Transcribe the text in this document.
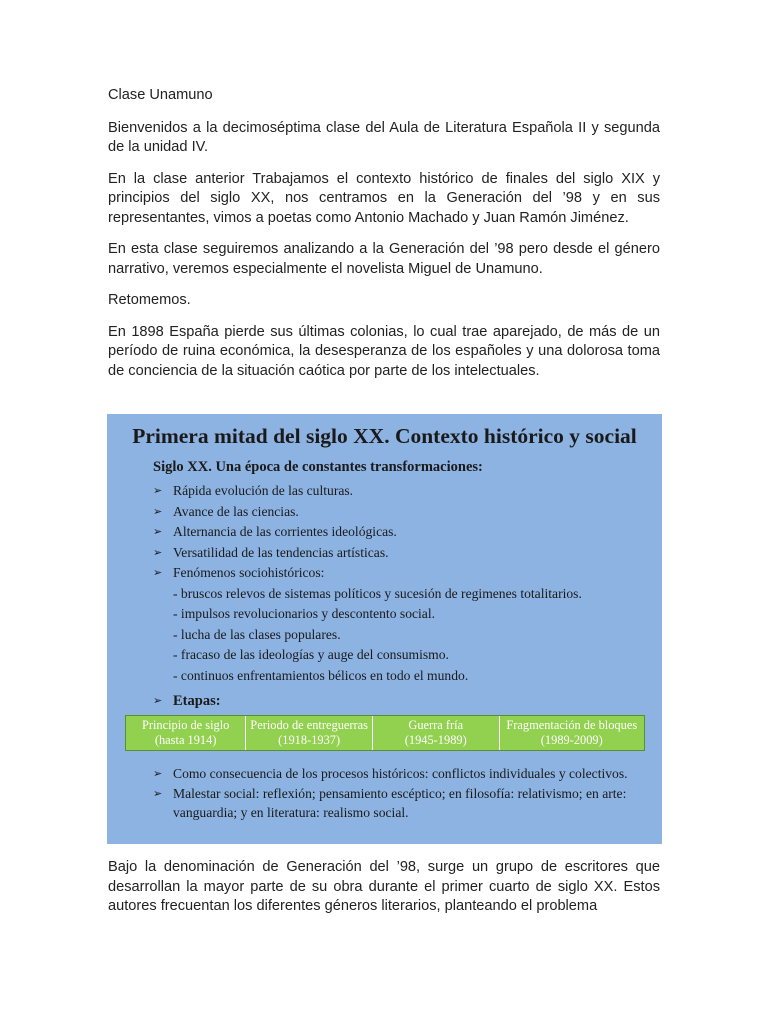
Clase Unamuno

Bienvenidos a la decimoséptima clase del Aula de Literatura Española II y segunda de la unidad IV.

En la clase anterior Trabajamos el contexto histórico de finales del siglo XIX y principios del siglo XX, nos centramos en la Generación del ’98 y en sus representantes, vimos a poetas como Antonio Machado y Juan Ramón Jiménez.

En esta clase seguiremos analizando a la Generación del ’98 pero desde el género narrativo, veremos especialmente el novelista Miguel de Unamuno.

Retomemos.

En 1898 España pierde sus últimas colonias, lo cual trae aparejado, de más de un período de ruina económica, la desesperanza de los españoles y una dolorosa toma de conciencia de la situación caótica por parte de los intelectuales.

Primera mitad del siglo XX. Contexto histórico y social
Siglo XX. Una época de constantes transformaciones:
➢ Rápida evolución de las culturas.
➢ Avance de las ciencias.
➢ Alternancia de las corrientes ideológicas.
➢ Versatilidad de las tendencias artísticas.
➢ Fenómenos sociohistóricos:
- bruscos relevos de sistemas políticos y sucesión de regimenes totalitarios.
- impulsos revolucionarios y descontento social.
- lucha de las clases populares.
- fracaso de las ideologías y auge del consumismo.
- continuos enfrentamientos bélicos en todo el mundo.
➢ Etapas:
Principio de siglo
(hasta 1914)
Periodo de entreguerras
(1918-1937)
Guerra fría
(1945-1989)
Fragmentación de bloques
(1989-2009)
➢ Como consecuencia de los procesos históricos: conflictos individuales y colectivos.
➢ Malestar social: reflexión; pensamiento escéptico; en filosofía: relativismo; en arte: vanguardia; y en literatura: realismo social.

Bajo la denominación de Generación del ’98, surge un grupo de escritores que desarrollan la mayor parte de su obra durante el primer cuarto de siglo XX. Estos autores frecuentan los diferentes géneros literarios, planteando el problema
